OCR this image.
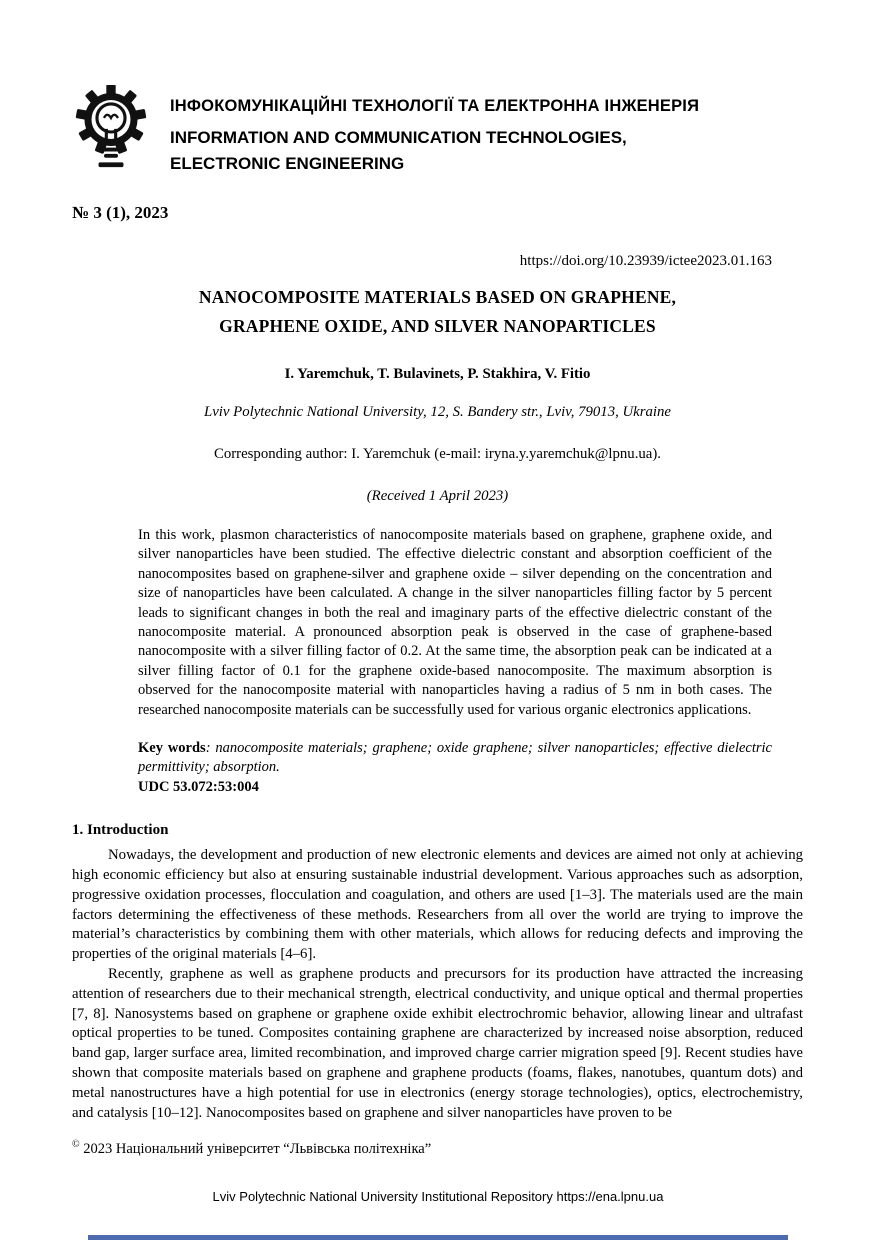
ІНФОКОМУНІКАЦІЙНІ ТЕХНОЛОГІЇ ТА ЕЛЕКТРОННА ІНЖЕНЕРІЯ
INFORMATION AND COMMUNICATION TECHNOLOGIES,
ELECTRONIC ENGINEERING
№ 3 (1), 2023
https://doi.org/10.23939/ictee2023.01.163
NANOCOMPOSITE MATERIALS BASED ON GRAPHENE,
GRAPHENE OXIDE, AND SILVER NANOPARTICLES
I. Yaremchuk, T. Bulavinets, P. Stakhira, V. Fitio
Lviv Polytechnic National University, 12, S. Bandery str., Lviv, 79013, Ukraine
Corresponding author: I. Yaremchuk (e-mail: iryna.y.yaremchuk@lpnu.ua).
(Received 1 April 2023)
In this work, plasmon characteristics of nanocomposite materials based on graphene, graphene oxide, and silver nanoparticles have been studied. The effective dielectric constant and absorption coefficient of the nanocomposites based on graphene-silver and graphene oxide – silver depending on the concentration and size of nanoparticles have been calculated. A change in the silver nanoparticles filling factor by 5 percent leads to significant changes in both the real and imaginary parts of the effective dielectric constant of the nanocomposite material. A pronounced absorption peak is observed in the case of graphene-based nanocomposite with a silver filling factor of 0.2. At the same time, the absorption peak can be indicated at a silver filling factor of 0.1 for the graphene oxide-based nanocomposite. The maximum absorption is observed for the nanocomposite material with nanoparticles having a radius of 5 nm in both cases. The researched nanocomposite materials can be successfully used for various organic electronics applications.
Key words: nanocomposite materials; graphene; oxide graphene; silver nanoparticles; effective dielectric permittivity; absorption.
UDC 53.072:53:004
1. Introduction
Nowadays, the development and production of new electronic elements and devices are aimed not only at achieving high economic efficiency but also at ensuring sustainable industrial development. Various approaches such as adsorption, progressive oxidation processes, flocculation and coagulation, and others are used [1–3]. The materials used are the main factors determining the effectiveness of these methods. Researchers from all over the world are trying to improve the material’s characteristics by combining them with other materials, which allows for reducing defects and improving the properties of the original materials [4–6].
Recently, graphene as well as graphene products and precursors for its production have attracted the increasing attention of researchers due to their mechanical strength, electrical conductivity, and unique optical and thermal properties [7, 8]. Nanosystems based on graphene or graphene oxide exhibit electrochromic behavior, allowing linear and ultrafast optical properties to be tuned. Composites containing graphene are characterized by increased noise absorption, reduced band gap, larger surface area, limited recombination, and improved charge carrier migration speed [9]. Recent studies have shown that composite materials based on graphene and graphene products (foams, flakes, nanotubes, quantum dots) and metal nanostructures have a high potential for use in electronics (energy storage technologies), optics, electrochemistry, and catalysis [10–12]. Nanocomposites based on graphene and silver nanoparticles have proven to be
© 2023 Національний університет “Львівська політехніка”
Lviv Polytechnic National University Institutional Repository https://ena.lpnu.ua
